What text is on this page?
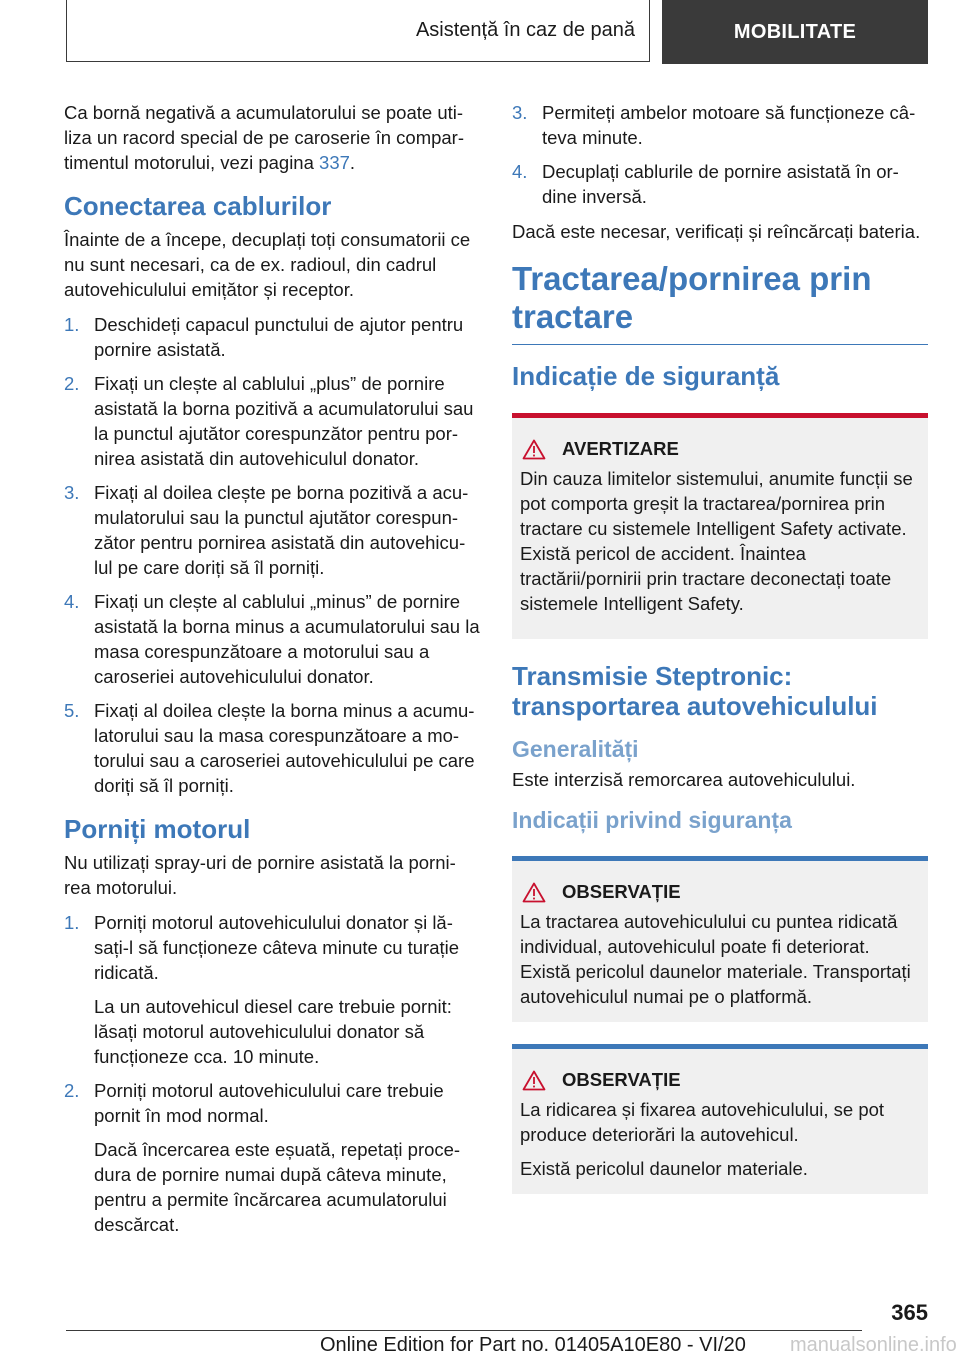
Asistență în caz de pană	MOBILITATE

Ca bornă negativă a acumulatorului se poate uti-liza un racord special de pe caroserie în compar-timentul motorului, vezi pagina 337.

Conectarea cablurilor

Înainte de a începe, decuplați toți consumatorii ce nu sunt necesari, ca de ex. radioul, din cadrul autovehiculului emițător și receptor.

1. Deschideți capacul punctului de ajutor pentru pornire asistată.
2. Fixați un clește al cablului „plus” de pornire asistată la borna pozitivă a acumulatorului sau la punctul ajutător corespunzător pentru por-nirea asistată din autovehiculul donator.
3. Fixați al doilea clește pe borna pozitivă a acu-mulatorului sau la punctul ajutător corespun-zător pentru pornirea asistată din autovehicu-lul pe care doriți să îl porniți.
4. Fixați un clește al cablului „minus” de pornire asistată la borna minus a acumulatorului sau la masa corespunzătoare a motorului sau a caroseriei autovehiculului donator.
5. Fixați al doilea clește la borna minus a acumu-latorului sau la masa corespunzătoare a mo-torului sau a caroseriei autovehiculului pe care doriți să îl porniți.
Porniți motorul

Nu utilizați spray-uri de pornire asistată la porni-rea motorului.

1. Porniți motorul autovehiculului donator și lă-sați-l să funcționeze câteva minute cu turație ridicată.

La un autovehicul diesel care trebuie pornit: lăsați motorul autovehiculului donator să funcționeze cca. 10 minute.

2. Porniți motorul autovehiculului care trebuie pornit în mod normal.

Dacă încercarea este eșuată, repetați proce-dura de pornire numai după câteva minute, pentru a permite încărcarea acumulatorului descărcat.

3. Permiteți ambelor motoare să funcționeze câ-teva minute.
4. Decuplați cablurile de pornire asistată în or-dine inversă.

Dacă este necesar, verificați și reîncărcați bateria.

Tractarea/pornirea prin tractare
Indicație de siguranță
AVERTIZARE

Din cauza limitelor sistemului, anumite funcții se pot comporta greșit la tractarea/pornirea prin tractare cu sistemele Intelligent Safety activate. Există pericol de accident. Înaintea tractării/pornirii prin tractare deconectați toate sistemele Intelligent Safety.

Transmisie Steptronic: transportarea autovehiculului
Generalități

Este interzisă remorcarea autovehiculului.

Indicații privind siguranța
OBSERVAȚIE

La tractarea autovehiculului cu puntea ridicată individual, autovehiculul poate fi deteriorat. Există pericolul daunelor materiale. Transportați autovehiculul numai pe o platformă.

OBSERVAȚIE

La ridicarea și fixarea autovehiculului, se pot produce deteriorări la autovehicul.

Există pericolul daunelor materiale.

365
Online Edition for Part no. 01405A10E80 - VI/20 manualsonline.info
